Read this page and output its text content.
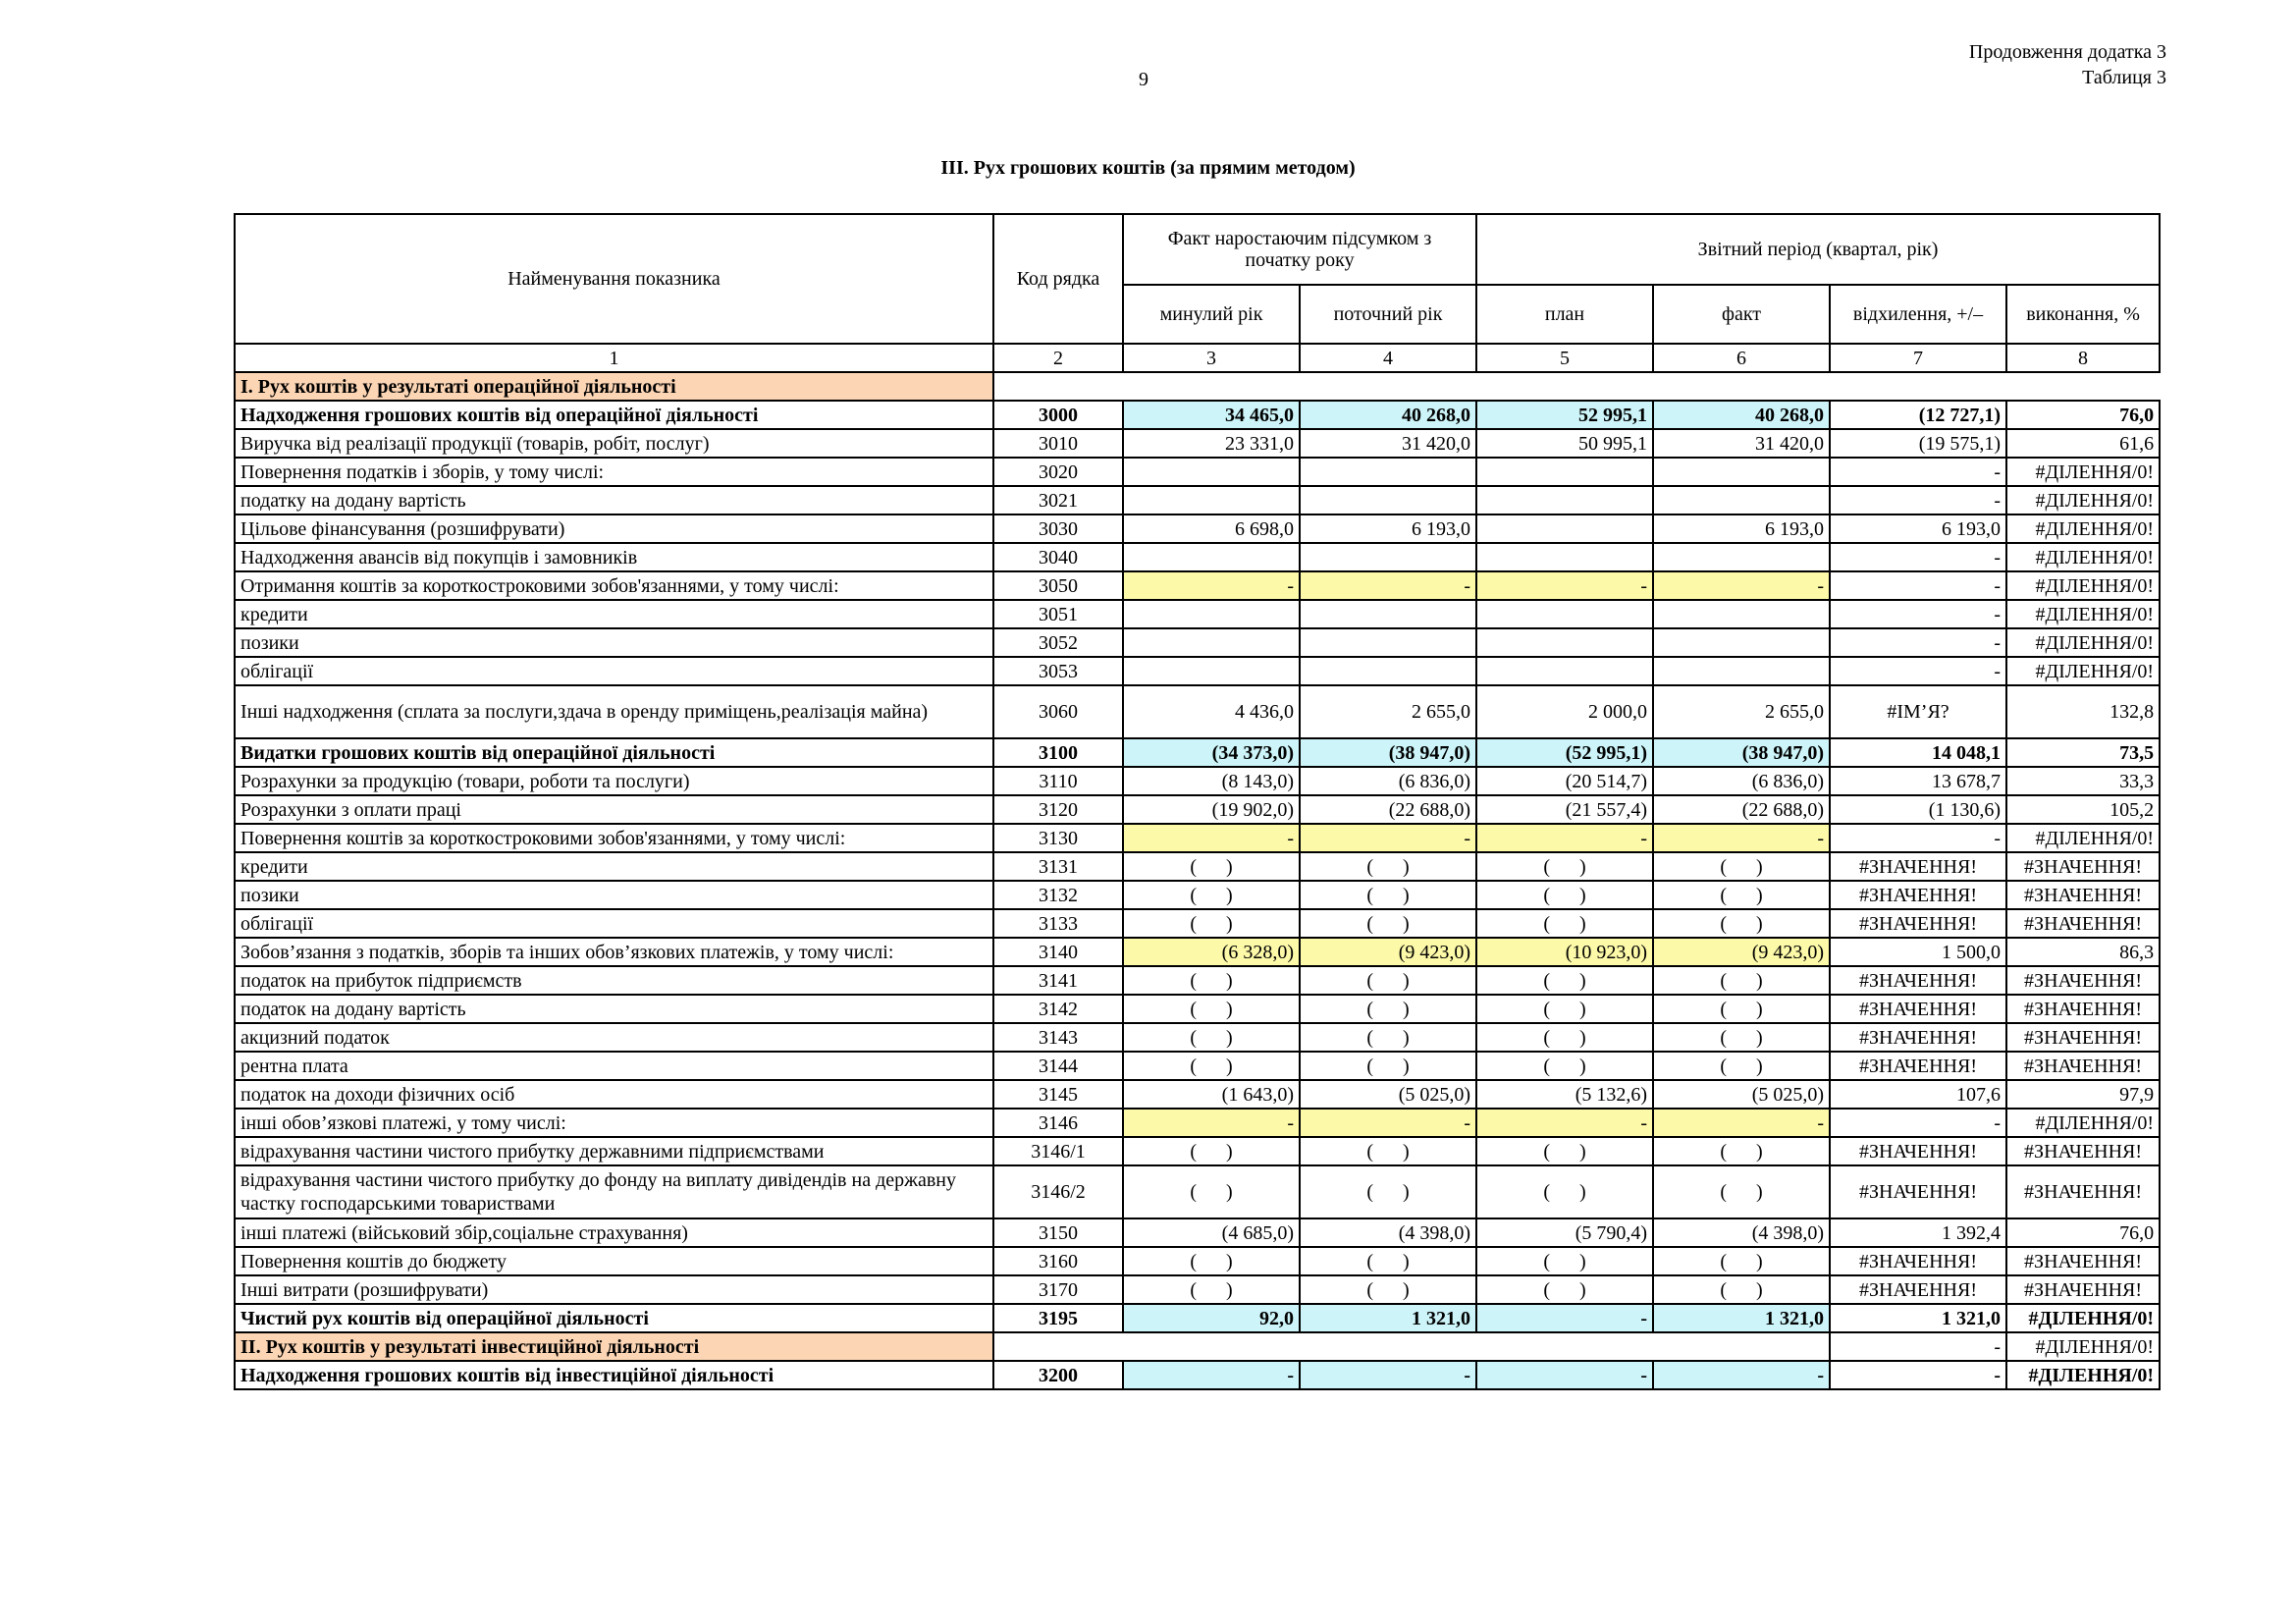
9
Продовження додатка 3
Таблиця 3
ІІІ. Рух грошових коштів (за прямим методом)
Найменування показника	Код рядка	Факт наростаючим підсумком з початку року		Звітний період (квартал, рік)			
		минулий рік	поточний рік	план	факт	відхилення, +/–	виконання, %
1	2	3	4	5	6	7	8
І. Рух коштів у результаті операційної діяльності							
Надходження грошових коштів від операційної діяльності	3000	34 465,0	40 268,0	52 995,1	40 268,0	(12 727,1)	76,0
Виручка від реалізації продукції (товарів, робіт, послуг)	3010	23 331,0	31 420,0	50 995,1	31 420,0	(19 575,1)	61,6
Повернення податків і зборів, у тому числі:	3020					-	#ДІЛЕННЯ/0!
податку на додану вартість	3021					-	#ДІЛЕННЯ/0!
Цільове фінансування (розшифрувати)	3030	6 698,0	6 193,0		6 193,0	6 193,0	#ДІЛЕННЯ/0!
Надходження авансів від покупців і замовників	3040					-	#ДІЛЕННЯ/0!
Отримання коштів за короткостроковими зобов'язаннями, у тому числі:	3050	-	-	-	-	-	#ДІЛЕННЯ/0!
кредити	3051					-	#ДІЛЕННЯ/0!
позики	3052					-	#ДІЛЕННЯ/0!
облігації	3053					-	#ДІЛЕННЯ/0!
Інші надходження (сплата за послуги,здача в оренду приміщень,реалізація майна)	3060	4 436,0	2 655,0	2 000,0	2 655,0	#ІМ’Я?	132,8
Видатки грошових коштів від операційної діяльності	3100	(34 373,0)	(38 947,0)	(52 995,1)	(38 947,0)	14 048,1	73,5
Розрахунки за продукцію (товари, роботи та послуги)	3110	(8 143,0)	(6 836,0)	(20 514,7)	(6 836,0)	13 678,7	33,3
Розрахунки з оплати праці	3120	(19 902,0)	(22 688,0)	(21 557,4)	(22 688,0)	(1 130,6)	105,2
Повернення коштів за короткостроковими зобов'язаннями, у тому числі:	3130	-	-	-	-	-	#ДІЛЕННЯ/0!
кредити	3131	(      )	(      )	(      )	(      )	#ЗНАЧЕННЯ!	#ЗНАЧЕННЯ!
позики	3132	(      )	(      )	(      )	(      )	#ЗНАЧЕННЯ!	#ЗНАЧЕННЯ!
облігації	3133	(      )	(      )	(      )	(      )	#ЗНАЧЕННЯ!	#ЗНАЧЕННЯ!
Зобов’язання з податків, зборів та інших обов’язкових платежів, у тому числі:	3140	(6 328,0)	(9 423,0)	(10 923,0)	(9 423,0)	1 500,0	86,3
податок на прибуток підприємств	3141	(      )	(      )	(      )	(      )	#ЗНАЧЕННЯ!	#ЗНАЧЕННЯ!
податок на додану вартість	3142	(      )	(      )	(      )	(      )	#ЗНАЧЕННЯ!	#ЗНАЧЕННЯ!
акцизний податок	3143	(      )	(      )	(      )	(      )	#ЗНАЧЕННЯ!	#ЗНАЧЕННЯ!
рентна плата	3144	(      )	(      )	(      )	(      )	#ЗНАЧЕННЯ!	#ЗНАЧЕННЯ!
податок на доходи фізичних осіб	3145	(1 643,0)	(5 025,0)	(5 132,6)	(5 025,0)	107,6	97,9
інші обов’язкові платежі, у тому числі:	3146	-	-	-	-	-	#ДІЛЕННЯ/0!
відрахування частини чистого прибутку державними підприємствами	3146/1	(      )	(      )	(      )	(      )	#ЗНАЧЕННЯ!	#ЗНАЧЕННЯ!
відрахування частини чистого прибутку до фонду на виплату дивідендів на державну частку господарськими товариствами	3146/2	(      )	(      )	(      )	(      )	#ЗНАЧЕННЯ!	#ЗНАЧЕННЯ!
інші платежі (військовий збір,соціальне страхування)	3150	(4 685,0)	(4 398,0)	(5 790,4)	(4 398,0)	1 392,4	76,0
Повернення коштів до бюджету	3160	(      )	(      )	(      )	(      )	#ЗНАЧЕННЯ!	#ЗНАЧЕННЯ!
Інші витрати (розшифрувати)	3170	(      )	(      )	(      )	(      )	#ЗНАЧЕННЯ!	#ЗНАЧЕННЯ!
Чистий рух коштів від операційної діяльності	3195	92,0	1 321,0	-	1 321,0	1 321,0	#ДІЛЕННЯ/0!
ІІ. Рух коштів у результаті інвестиційної діяльності						-	#ДІЛЕННЯ/0!
Надходження грошових коштів від інвестиційної діяльності	3200	-	-	-	-	-	#ДІЛЕННЯ/0!
